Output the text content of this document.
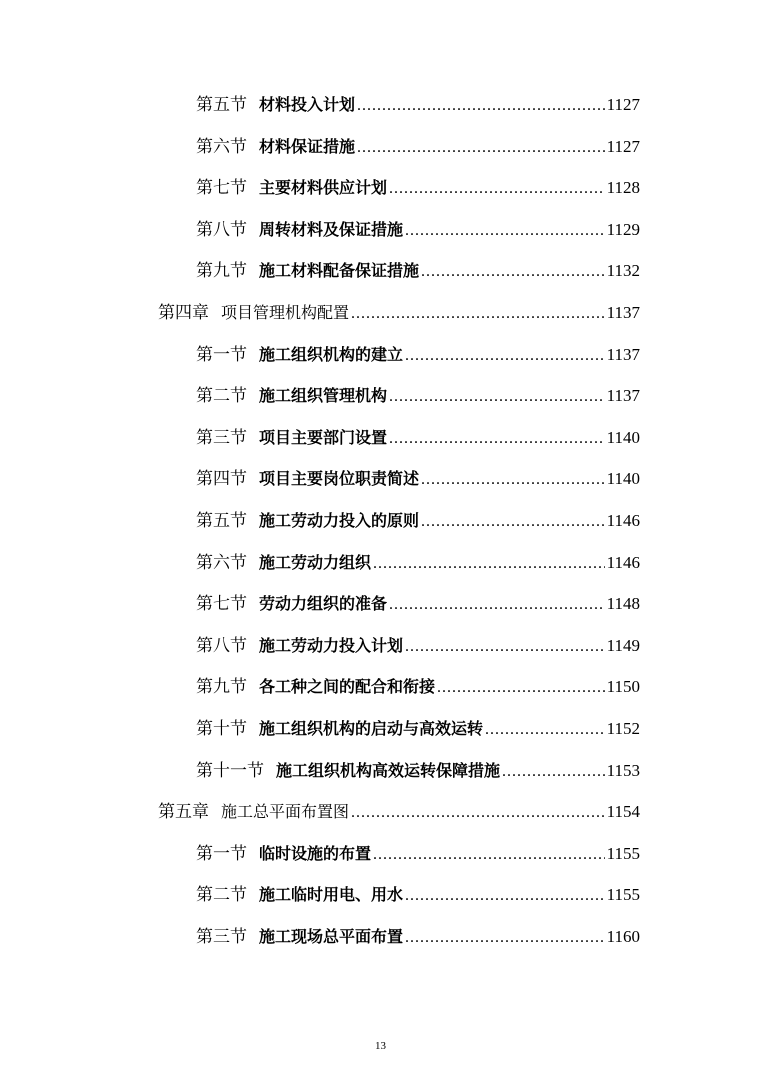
第五节 材料投入计划 .....	1127
第六节 材料保证措施 .....	1127
第七节 主要材料供应计划 .....	1128
第八节 周转材料及保证措施 .....	1129
第九节 施工材料配备保证措施 .....	1132
第四章 项目管理机构配置 .....	1137
第一节 施工组织机构的建立 .....	1137
第二节 施工组织管理机构 .....	1137
第三节 项目主要部门设置 .....	1140
第四节 项目主要岗位职责简述 .....	1140
第五节 施工劳动力投入的原则 .....	1146
第六节 施工劳动力组织 .....	1146
第七节 劳动力组织的准备 .....	1148
第八节 施工劳动力投入计划 .....	1149
第九节 各工种之间的配合和衔接 .....	1150
第十节 施工组织机构的启动与高效运转 .....	1152
第十一节 施工组织机构高效运转保障措施 .....	1153
第五章 施工总平面布置图 .....	1154
第一节 临时设施的布置 .....	1155
第二节 施工临时用电、用水 .....	1155
第三节 施工现场总平面布置 .....	1160
13
